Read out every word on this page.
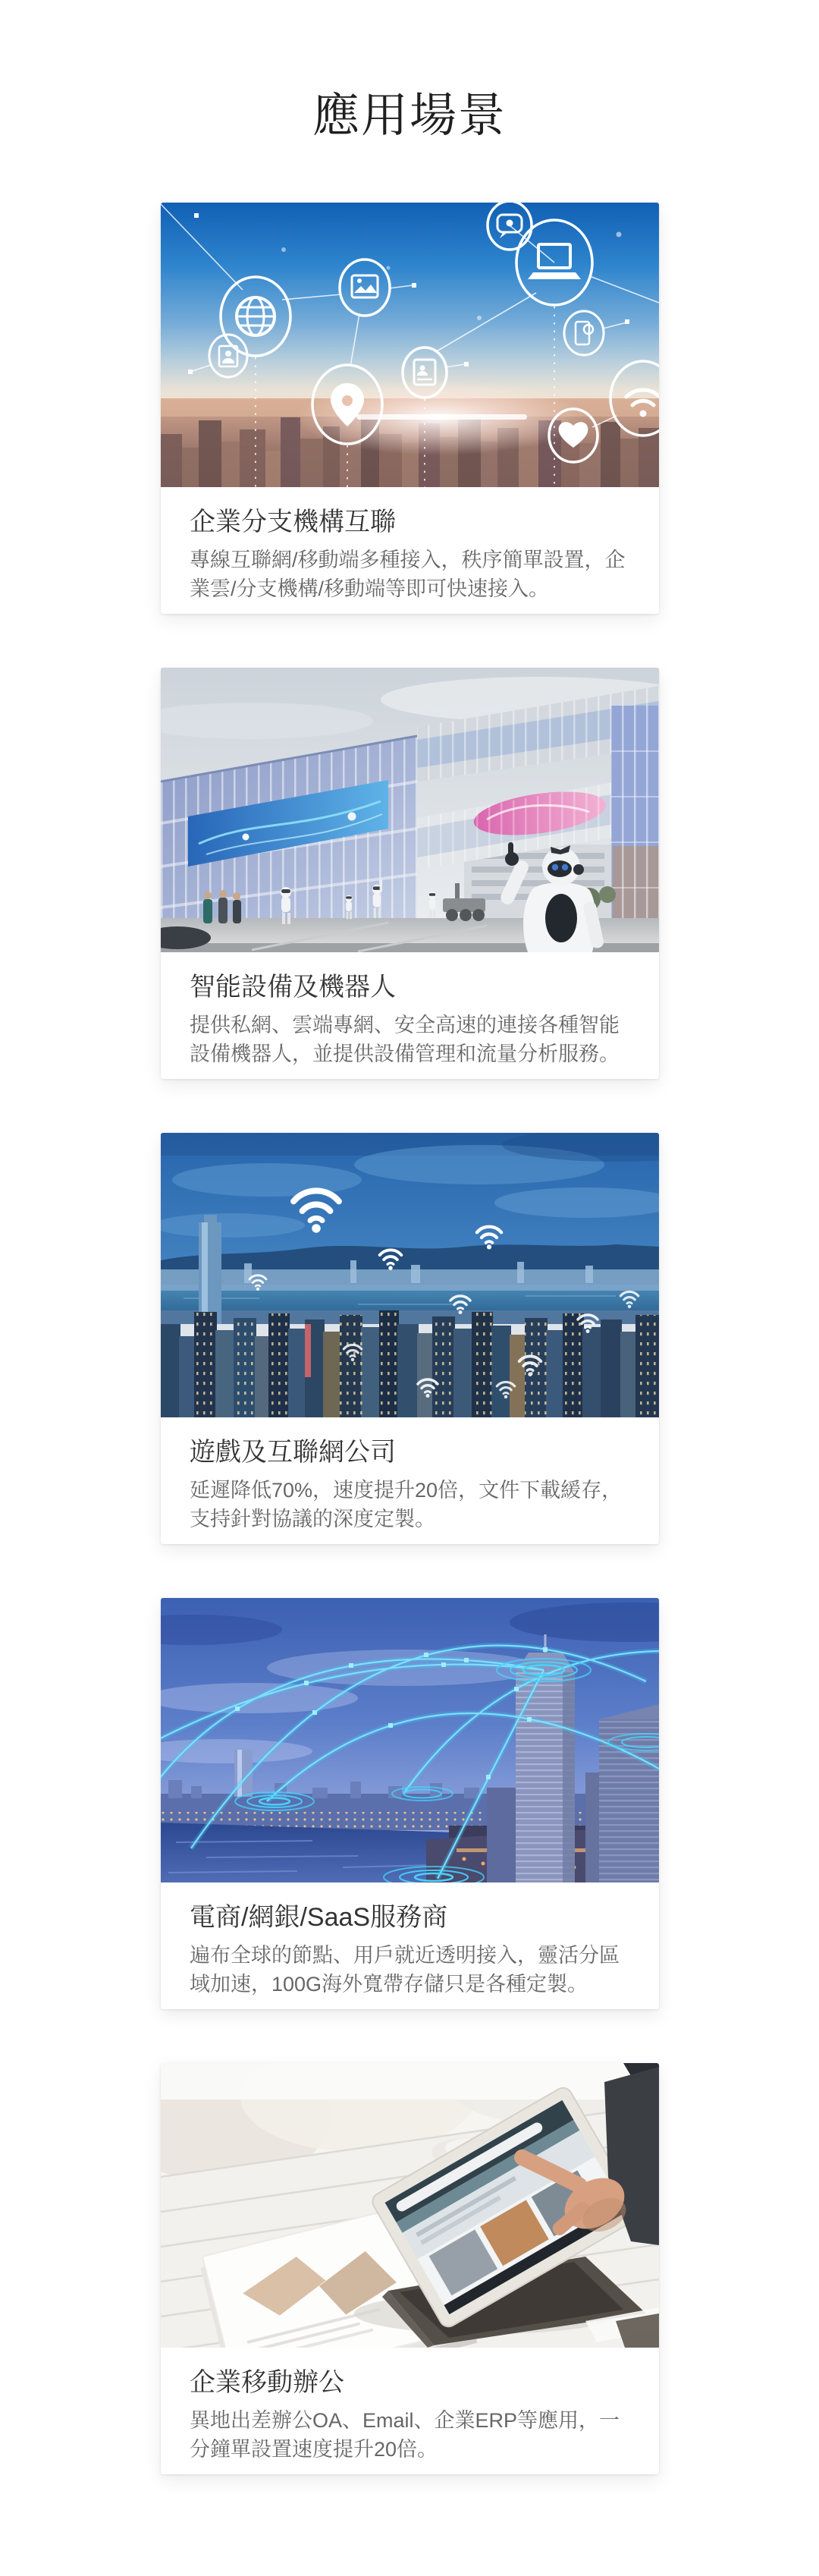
應用場景
企業分支機構互聯

專線互聯網/移動端多種接入，秩序簡單設置，企業雲/分支機構/移動端等即可快速接入。

智能設備及機器人

提供私網、雲端專網、安全高速的連接各種智能設備機器人，並提供設備管理和流量分析服務。

遊戲及互聯網公司

延遲降低70%，速度提升20倍，文件下載緩存，支持針對協議的深度定製。

電商/網銀/SaaS服務商

遍布全球的節點、用戶就近透明接入，靈活分區域加速，100G海外寬帶存儲只是各種定製。

企業移動辦公

異地出差辦公OA、Email、企業ERP等應用，一分鐘單設置速度提升20倍。
